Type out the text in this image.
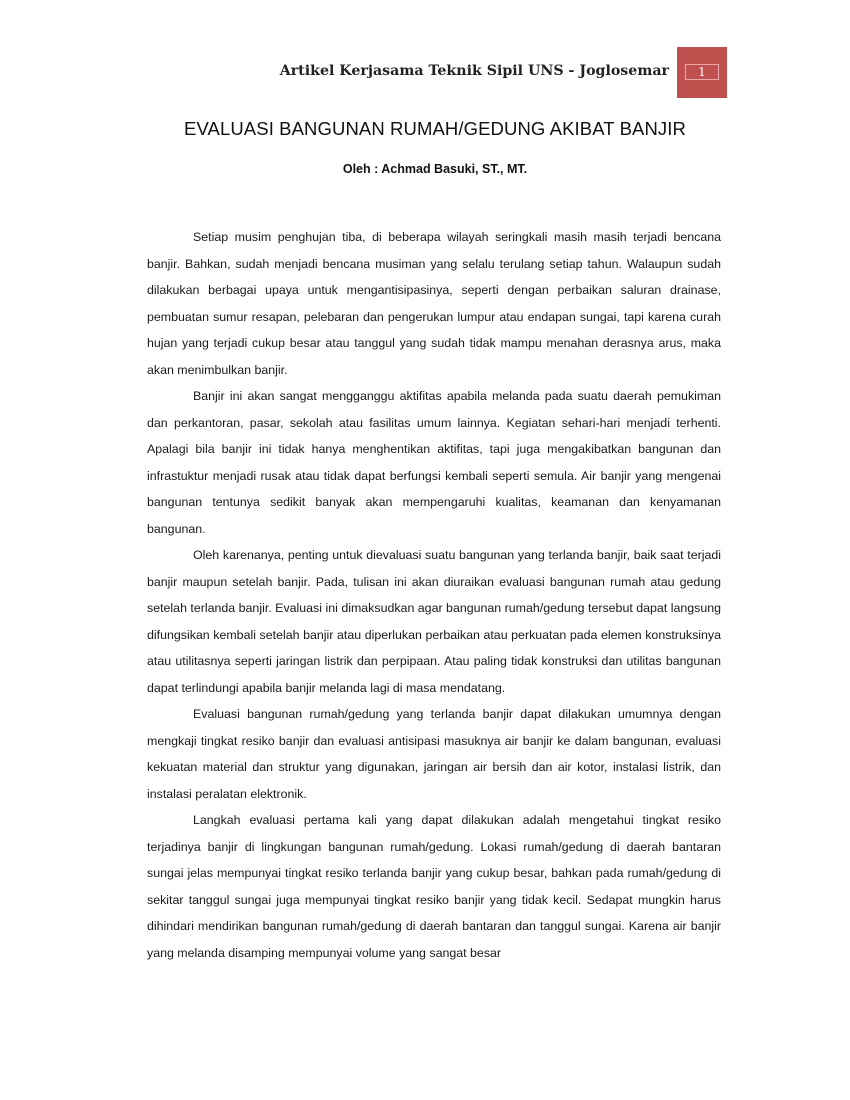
Artikel Kerjasama Teknik Sipil UNS - Joglosemar	1
EVALUASI BANGUNAN RUMAH/GEDUNG AKIBAT BANJIR
Oleh : Achmad Basuki, ST., MT.

Setiap musim penghujan tiba, di beberapa wilayah seringkali masih masih terjadi bencana banjir. Bahkan, sudah menjadi bencana musiman yang selalu terulang setiap tahun. Walaupun sudah dilakukan berbagai upaya untuk mengantisipasinya, seperti dengan perbaikan saluran drainase, pembuatan sumur resapan, pelebaran dan pengerukan lumpur atau endapan sungai, tapi karena curah hujan yang terjadi cukup besar atau tanggul yang sudah tidak mampu menahan derasnya arus, maka akan menimbulkan banjir.

Banjir ini akan sangat mengganggu aktifitas apabila melanda pada suatu daerah pemukiman dan perkantoran, pasar, sekolah atau fasilitas umum lainnya. Kegiatan sehari-hari menjadi terhenti. Apalagi bila banjir ini tidak hanya menghentikan aktifitas, tapi juga mengakibatkan bangunan dan infrastuktur menjadi rusak atau tidak dapat berfungsi kembali seperti semula. Air banjir yang mengenai bangunan tentunya sedikit banyak akan mempengaruhi kualitas, keamanan dan kenyamanan bangunan.

Oleh karenanya, penting untuk dievaluasi suatu bangunan yang terlanda banjir, baik saat terjadi banjir maupun setelah banjir. Pada, tulisan ini akan diuraikan evaluasi bangunan rumah atau gedung setelah terlanda banjir. Evaluasi ini dimaksudkan agar bangunan rumah/gedung tersebut dapat langsung difungsikan kembali setelah banjir atau diperlukan perbaikan atau perkuatan pada elemen konstruksinya atau utilitasnya seperti jaringan listrik dan perpipaan. Atau paling tidak konstruksi dan utilitas bangunan dapat terlindungi apabila banjir melanda lagi di masa mendatang.

Evaluasi bangunan rumah/gedung yang terlanda banjir dapat dilakukan umumnya dengan mengkaji tingkat resiko banjir dan evaluasi antisipasi masuknya air banjir ke dalam bangunan, evaluasi kekuatan material dan struktur yang digunakan, jaringan air bersih dan air kotor, instalasi listrik, dan instalasi peralatan elektronik.

Langkah evaluasi pertama kali yang dapat dilakukan adalah mengetahui tingkat resiko terjadinya banjir di lingkungan bangunan rumah/gedung. Lokasi rumah/gedung di daerah bantaran sungai jelas mempunyai tingkat resiko terlanda banjir yang cukup besar, bahkan pada rumah/gedung di sekitar tanggul sungai juga mempunyai tingkat resiko banjir yang tidak kecil. Sedapat mungkin harus dihindari mendirikan bangunan rumah/gedung di daerah bantaran dan tanggul sungai. Karena air banjir yang melanda disamping mempunyai volume yang sangat besar
